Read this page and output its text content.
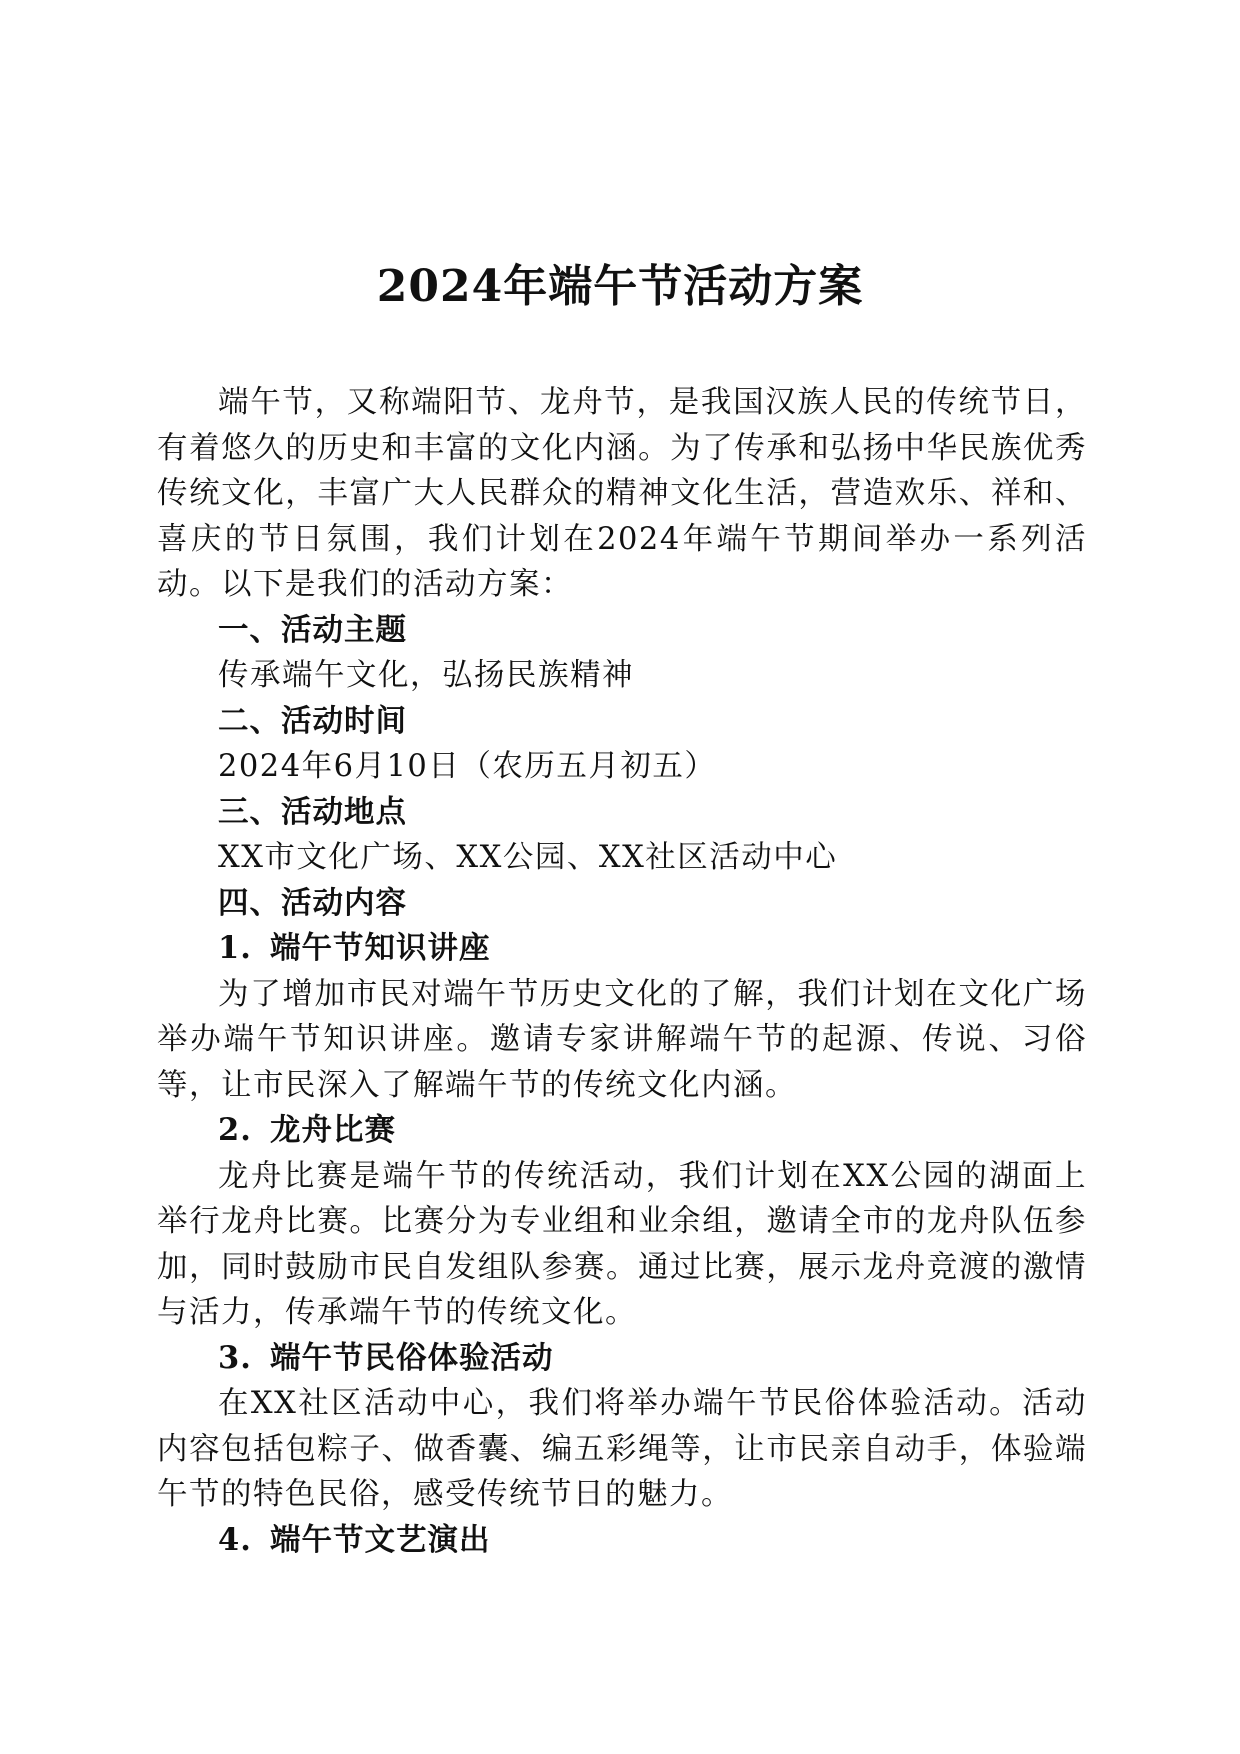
2024年端午节活动方案

端午节，又称端阳节、龙舟节，是我国汉族人民的传统节日，有着悠久的历史和丰富的文化内涵。为了传承和弘扬中华民族优秀传统文化，丰富广大人民群众的精神文化生活，营造欢乐、祥和、喜庆的节日氛围，我们计划在2024年端午节期间举办一系列活动。以下是我们的活动方案：

一、活动主题

传承端午文化，弘扬民族精神

二、活动时间

2024年6月10日（农历五月初五）

三、活动地点

XX市文化广场、XX公园、XX社区活动中心

四、活动内容

1. 端午节知识讲座

为了增加市民对端午节历史文化的了解，我们计划在文化广场举办端午节知识讲座。邀请专家讲解端午节的起源、传说、习俗等，让市民深入了解端午节的传统文化内涵。

2. 龙舟比赛

龙舟比赛是端午节的传统活动，我们计划在XX公园的湖面上举行龙舟比赛。比赛分为专业组和业余组，邀请全市的龙舟队伍参加，同时鼓励市民自发组队参赛。通过比赛，展示龙舟竞渡的激情与活力，传承端午节的传统文化。

3. 端午节民俗体验活动

在XX社区活动中心，我们将举办端午节民俗体验活动。活动内容包括包粽子、做香囊、编五彩绳等，让市民亲自动手，体验端午节的特色民俗，感受传统节日的魅力。

4. 端午节文艺演出
